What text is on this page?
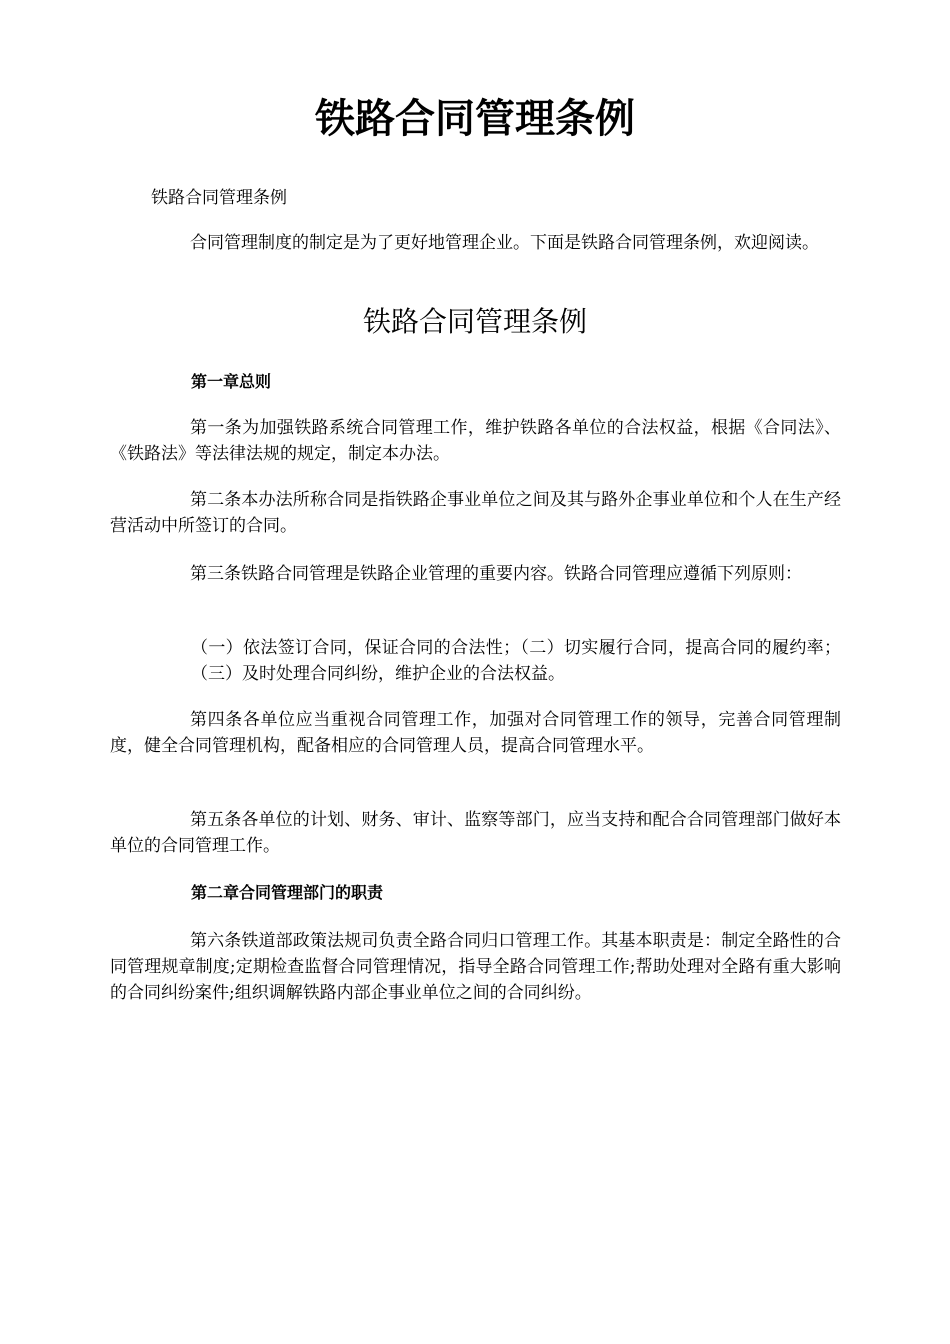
铁路合同管理条例

铁路合同管理条例

合同管理制度的制定是为了更好地管理企业。下面是铁路合同管理条例，欢迎阅读。

铁路合同管理条例

第一章总则

第一条为加强铁路系统合同管理工作，维护铁路各单位的合法权益，根据《合同法》、《铁路法》等法律法规的规定，制定本办法。

第二条本办法所称合同是指铁路企事业单位之间及其与路外企事业单位和个人在生产经营活动中所签订的合同。

第三条铁路合同管理是铁路企业管理的重要内容。铁路合同管理应遵循下列原则：

（一）依法签订合同，保证合同的合法性；（二）切实履行合同，提高合同的履约率；（三）及时处理合同纠纷，维护企业的合法权益。

第四条各单位应当重视合同管理工作，加强对合同管理工作的领导，完善合同管理制度，健全合同管理机构，配备相应的合同管理人员，提高合同管理水平。

第五条各单位的计划、财务、审计、监察等部门，应当支持和配合合同管理部门做好本单位的合同管理工作。

第二章合同管理部门的职责

第六条铁道部政策法规司负责全路合同归口管理工作。其基本职责是：制定全路性的合同管理规章制度;定期检查监督合同管理情况，指导全路合同管理工作;帮助处理对全路有重大影响的合同纠纷案件;组织调解铁路内部企事业单位之间的合同纠纷。
